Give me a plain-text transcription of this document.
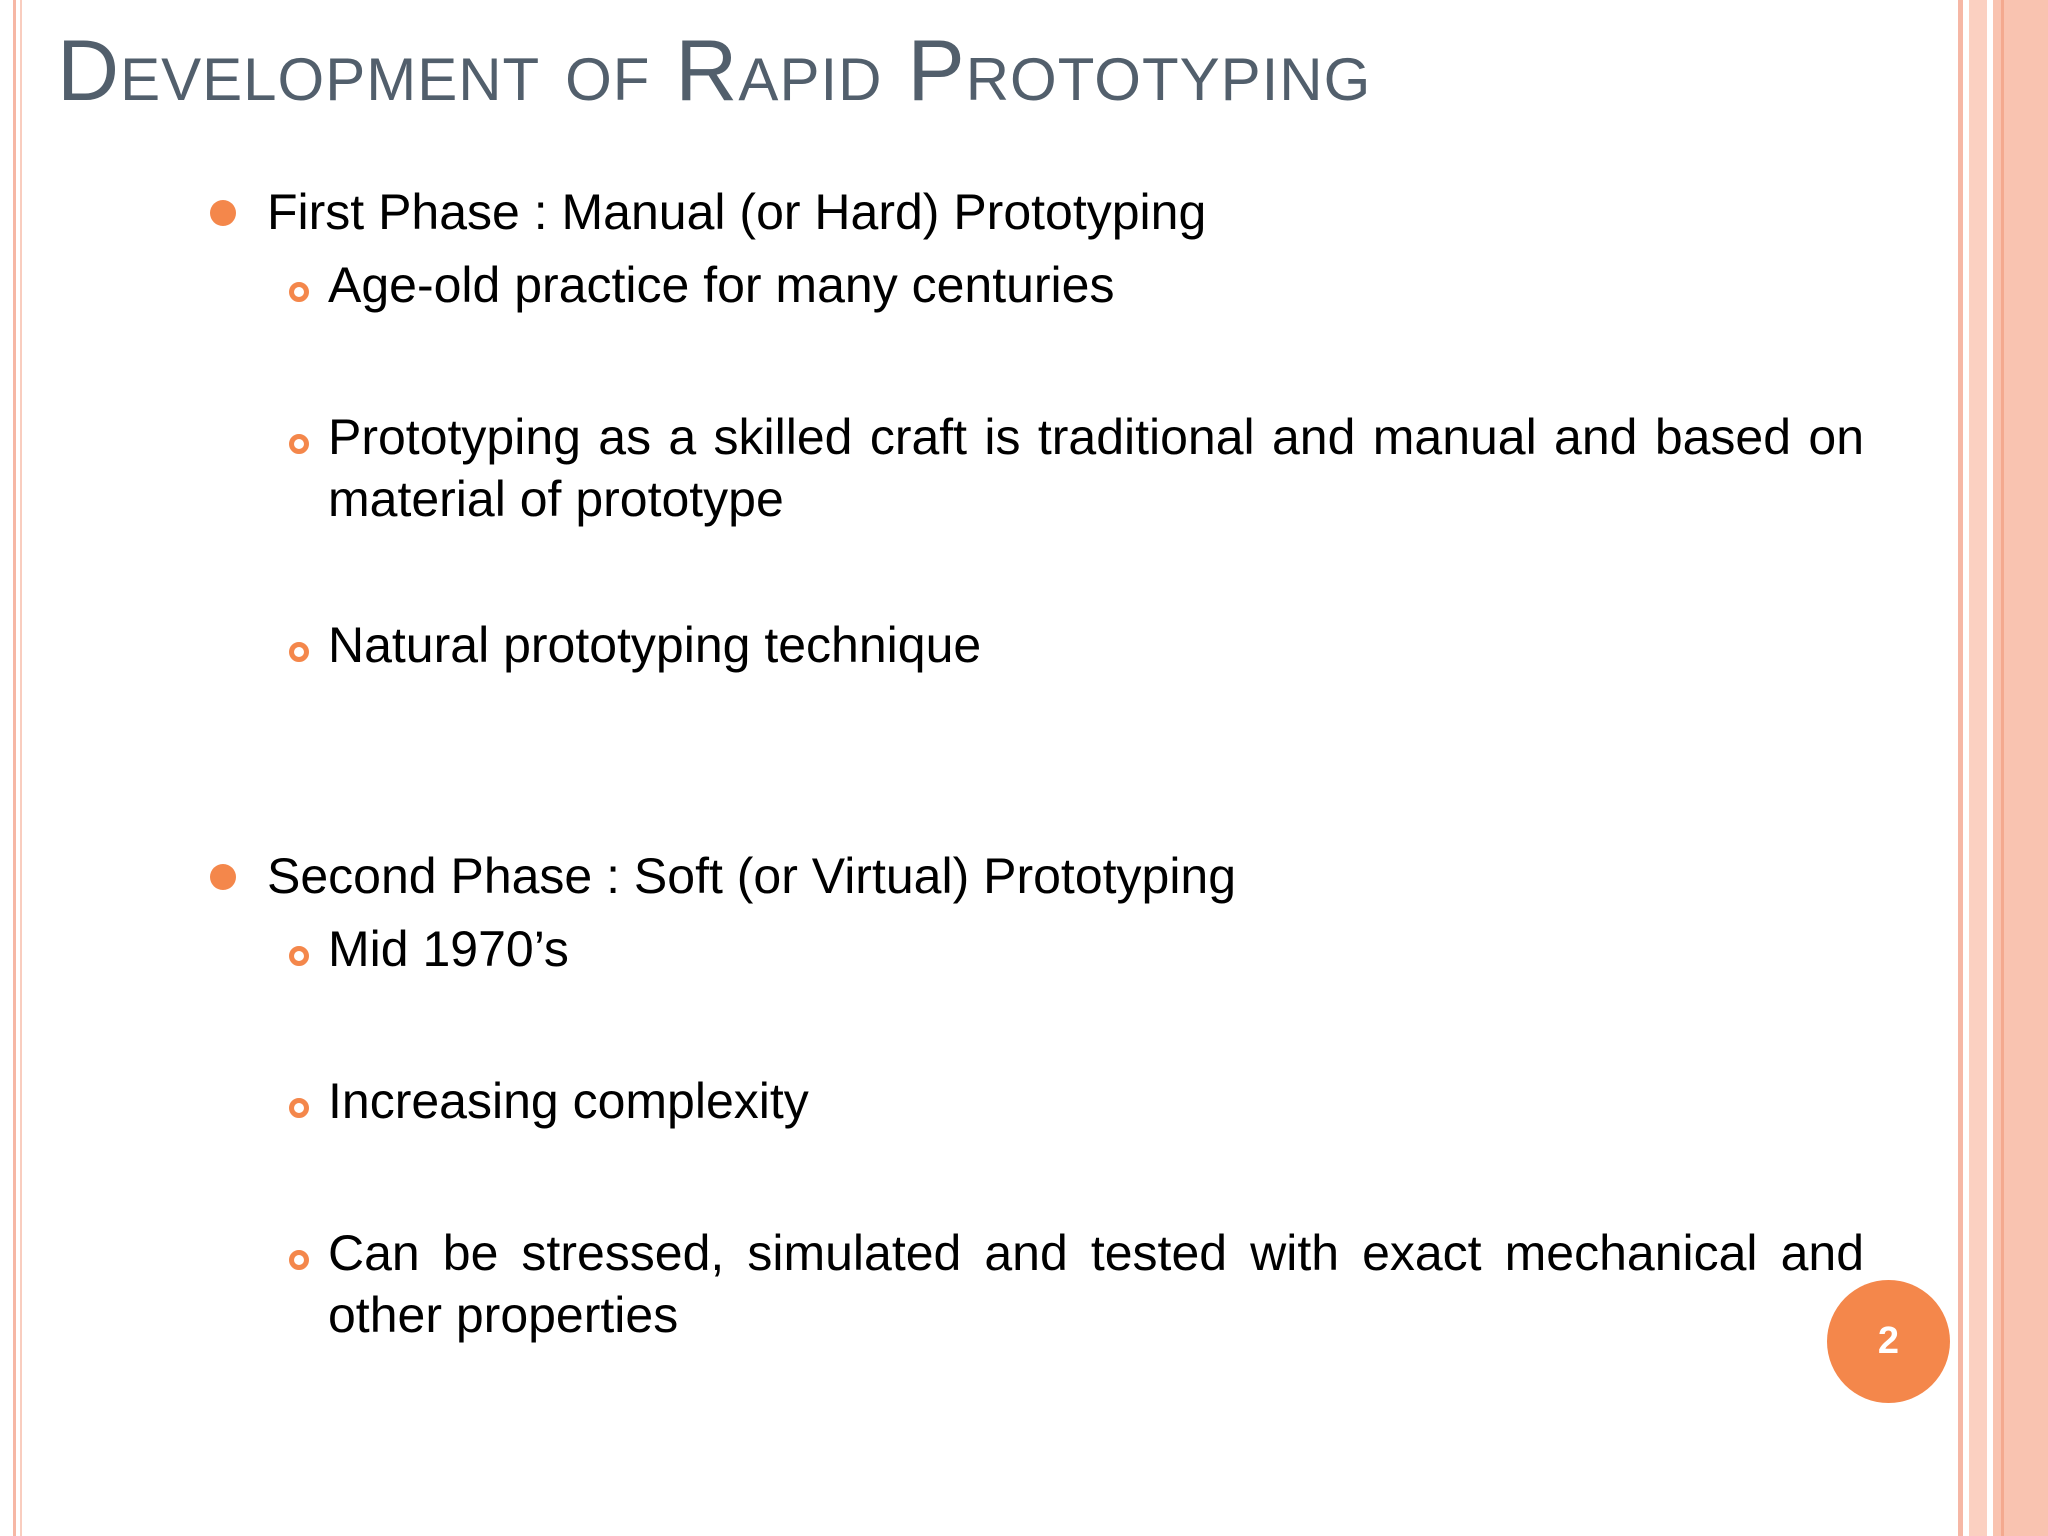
Development of Rapid Prototyping
First Phase : Manual (or Hard) Prototyping
Age-old practice for many centuries
Prototyping as a skilled craft is traditional and manual and based on material of prototype
Natural prototyping technique
Second Phase : Soft (or Virtual) Prototyping
Mid 1970’s
Increasing complexity
Can be stressed, simulated and tested with exact mechanical and other properties	2
